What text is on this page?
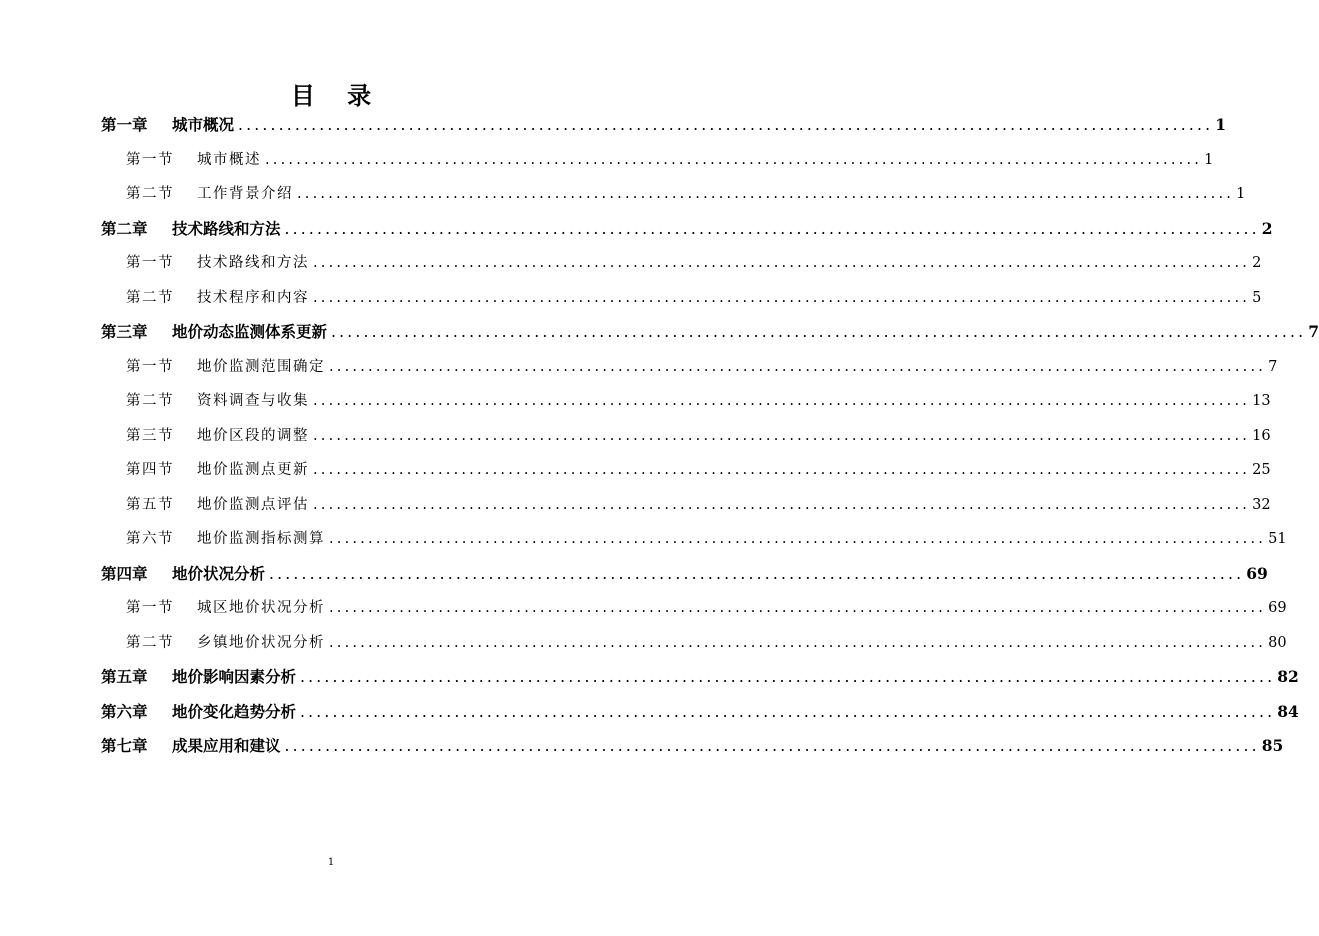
目 录
第一章	城市概况 ........................................................................................................................ 1
第一节	城市概述 ........................................................................................................................ 1
第二节	工作背景介绍 ........................................................................................................................ 1
第二章	技术路线和方法 ........................................................................................................................ 2
第一节	技术路线和方法 ........................................................................................................................ 2
第二节	技术程序和内容 ........................................................................................................................ 5
第三章	地价动态监测体系更新 ........................................................................................................................ 7
第一节	地价监测范围确定 ........................................................................................................................ 7
第二节	资料调查与收集 ........................................................................................................................ 13
第三节	地价区段的调整 ........................................................................................................................ 16
第四节	地价监测点更新 ........................................................................................................................ 25
第五节	地价监测点评估 ........................................................................................................................ 32
第六节	地价监测指标测算 ........................................................................................................................ 51
第四章	地价状况分析 ........................................................................................................................ 69
第一节	城区地价状况分析 ........................................................................................................................ 69
第二节	乡镇地价状况分析 ........................................................................................................................ 80
第五章	地价影响因素分析 ........................................................................................................................ 82
第六章	地价变化趋势分析 ........................................................................................................................ 84
第七章	成果应用和建议 ........................................................................................................................ 85
1
